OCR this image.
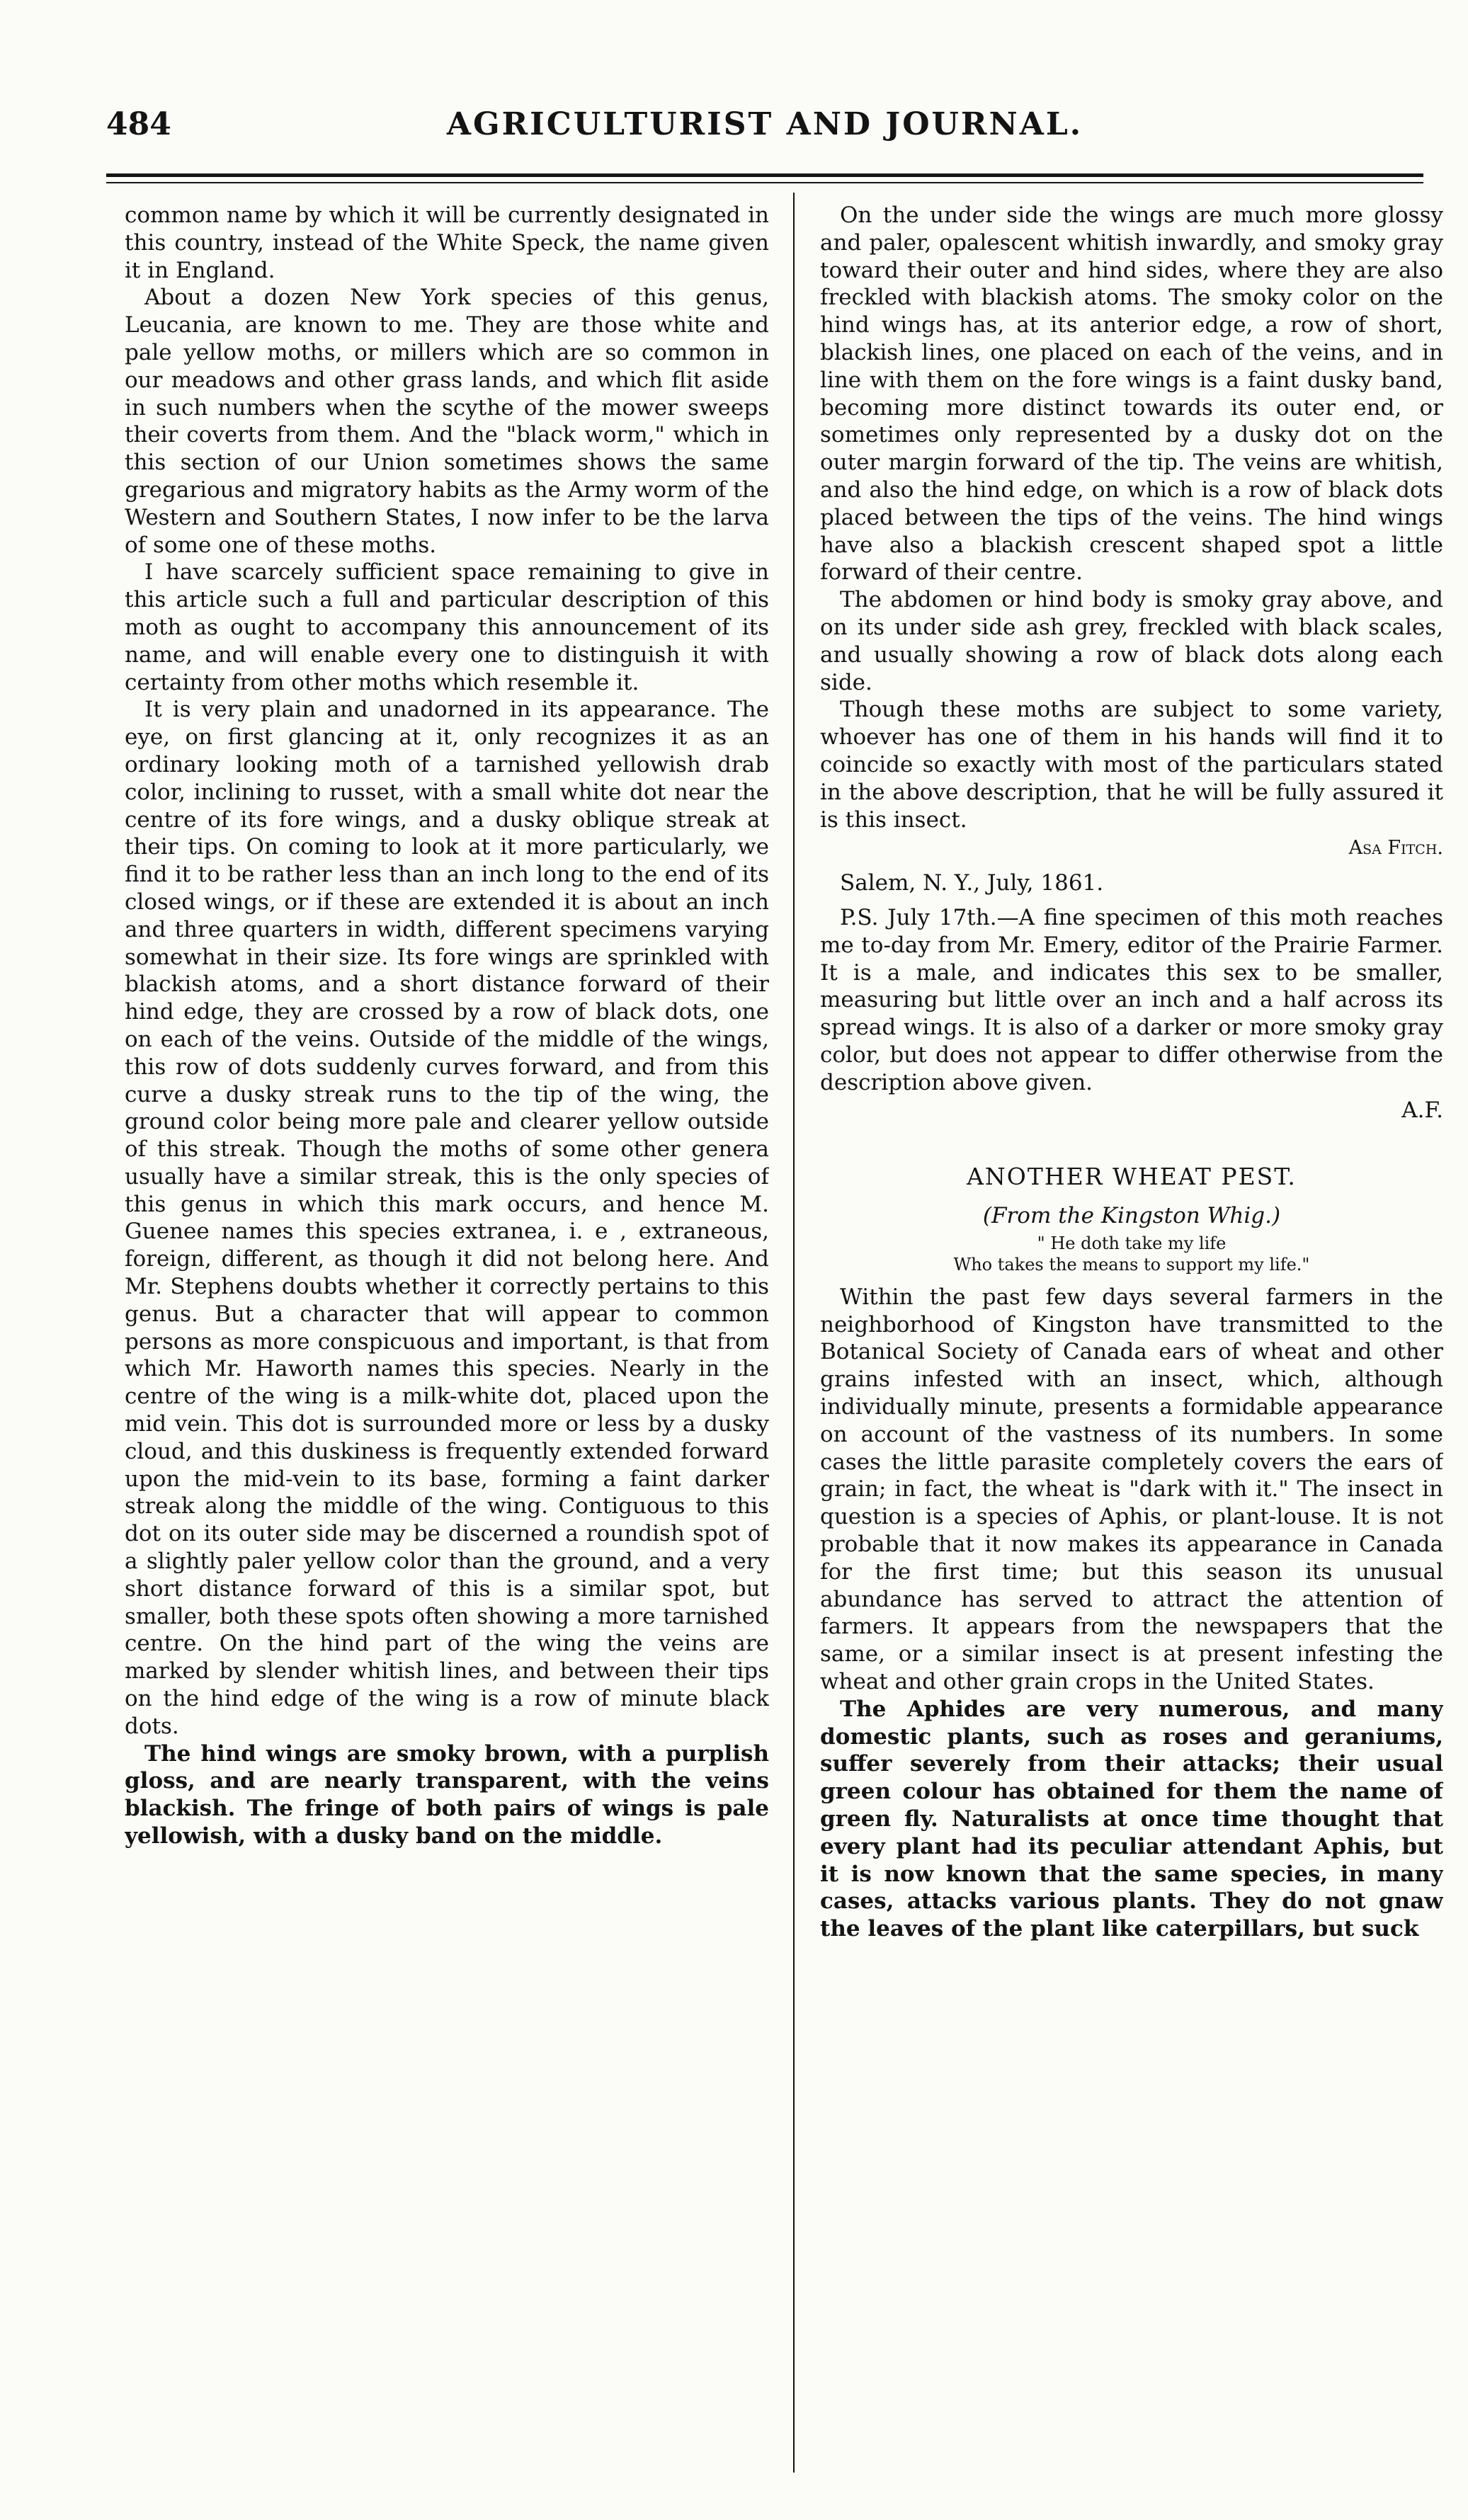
484	AGRICULTURIST AND JOURNAL.

common name by which it will be currently designated in this country, instead of the White Speck, the name given it in England.

About a dozen New York species of this genus, Leucania, are known to me. They are those white and pale yellow moths, or millers which are so common in our meadows and other grass lands, and which flit aside in such numbers when the scythe of the mower sweeps their coverts from them. And the "black worm," which in this section of our Union sometimes shows the same gregarious and migratory habits as the Army worm of the Western and Southern States, I now infer to be the larva of some one of these moths.

I have scarcely sufficient space remaining to give in this article such a full and particular description of this moth as ought to accompany this announcement of its name, and will enable every one to distinguish it with certainty from other moths which resemble it.

It is very plain and unadorned in its appearance. The eye, on first glancing at it, only recognizes it as an ordinary looking moth of a tarnished yellowish drab color, inclining to russet, with a small white dot near the centre of its fore wings, and a dusky oblique streak at their tips. On coming to look at it more particularly, we find it to be rather less than an inch long to the end of its closed wings, or if these are extended it is about an inch and three quarters in width, different specimens varying somewhat in their size. Its fore wings are sprinkled with blackish atoms, and a short distance forward of their hind edge, they are crossed by a row of black dots, one on each of the veins. Outside of the middle of the wings, this row of dots suddenly curves forward, and from this curve a dusky streak runs to the tip of the wing, the ground color being more pale and clearer yellow outside of this streak. Though the moths of some other genera usually have a similar streak, this is the only species of this genus in which this mark occurs, and hence M. Guenee names this species extranea, i. e , extraneous, foreign, different, as though it did not belong here. And Mr. Stephens doubts whether it correctly pertains to this genus. But a character that will appear to common persons as more conspicuous and important, is that from which Mr. Haworth names this species. Nearly in the centre of the wing is a milk-white dot, placed upon the mid vein. This dot is surrounded more or less by a dusky cloud, and this duskiness is frequently extended forward upon the mid-vein to its base, forming a faint darker streak along the middle of the wing. Contiguous to this dot on its outer side may be discerned a roundish spot of a slightly paler yellow color than the ground, and a very short distance forward of this is a similar spot, but smaller, both these spots often showing a more tarnished centre. On the hind part of the wing the veins are marked by slender whitish lines, and between their tips on the hind edge of the wing is a row of minute black dots.

The hind wings are smoky brown, with a purplish gloss, and are nearly transparent, with the veins blackish. The fringe of both pairs of wings is pale yellowish, with a dusky band on the middle.

On the under side the wings are much more glossy and paler, opalescent whitish inwardly, and smoky gray toward their outer and hind sides, where they are also freckled with blackish atoms. The smoky color on the hind wings has, at its anterior edge, a row of short, blackish lines, one placed on each of the veins, and in line with them on the fore wings is a faint dusky band, becoming more distinct towards its outer end, or sometimes only represented by a dusky dot on the outer margin forward of the tip. The veins are whitish, and also the hind edge, on which is a row of black dots placed between the tips of the veins. The hind wings have also a blackish crescent shaped spot a little forward of their centre.

The abdomen or hind body is smoky gray above, and on its under side ash grey, freckled with black scales, and usually showing a row of black dots along each side.

Though these moths are subject to some variety, whoever has one of them in his hands will find it to coincide so exactly with most of the particulars stated in the above description, that he will be fully assured it is this insect.

Asa Fitch.
Salem, N. Y., July, 1861.

P.S. July 17th.—A fine specimen of this moth reaches me to-day from Mr. Emery, editor of the Prairie Farmer. It is a male, and indicates this sex to be smaller, measuring but little over an inch and a half across its spread wings. It is also of a darker or more smoky gray color, but does not appear to differ otherwise from the description above given.

A.F.
ANOTHER WHEAT PEST.
(From the Kingston Whig.)
" He doth take my life
Who takes the means to support my life."

Within the past few days several farmers in the neighborhood of Kingston have transmitted to the Botanical Society of Canada ears of wheat and other grains infested with an insect, which, although individually minute, presents a formidable appearance on account of the vastness of its numbers. In some cases the little parasite completely covers the ears of grain; in fact, the wheat is "dark with it." The insect in question is a species of Aphis, or plant-louse. It is not probable that it now makes its appearance in Canada for the first time; but this season its unusual abundance has served to attract the attention of farmers. It appears from the newspapers that the same, or a similar insect is at present infesting the wheat and other grain crops in the United States.

The Aphides are very numerous, and many domestic plants, such as roses and geraniums, suffer severely from their attacks; their usual green colour has obtained for them the name of green fly. Naturalists at once time thought that every plant had its peculiar attendant Aphis, but it is now known that the same species, in many cases, attacks various plants. They do not gnaw the leaves of the plant like caterpillars, but suck
